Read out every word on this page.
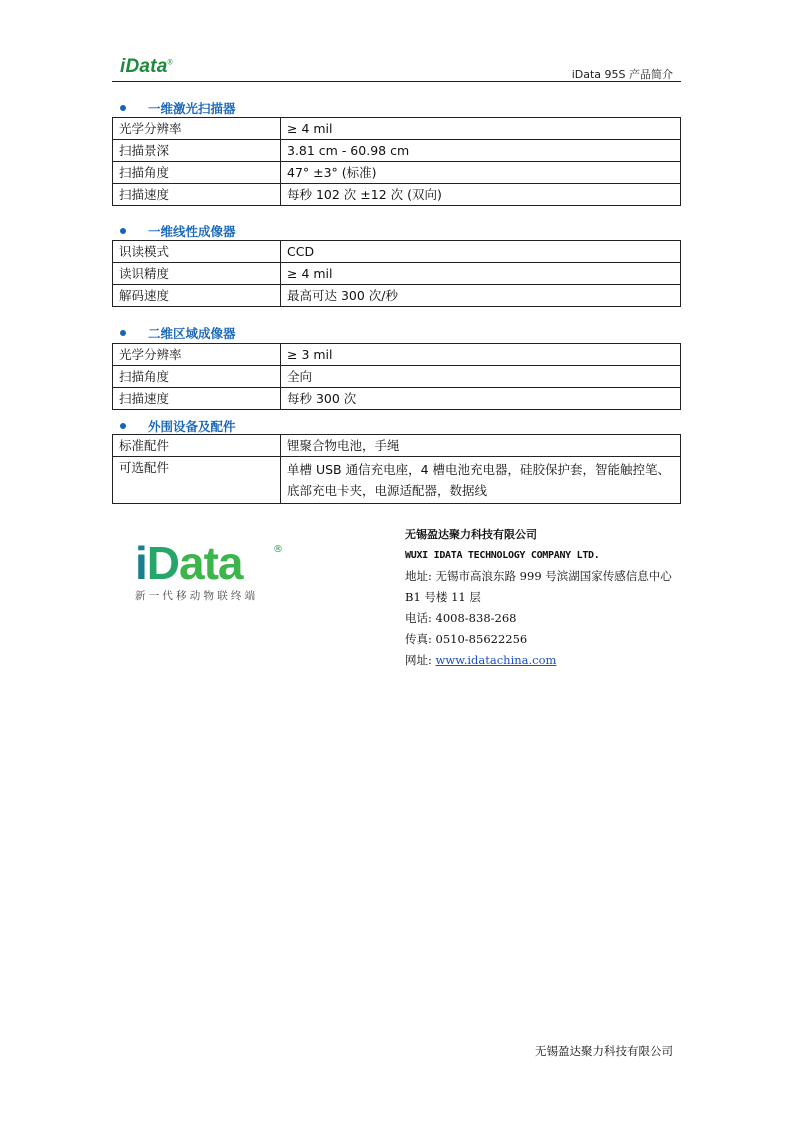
iData®
iData 95S 产品简介
一维激光扫描器
光学分辨率	≥ 4 mil
扫描景深	3.81 cm - 60.98 cm
扫描角度	47° ±3° (标准)
扫描速度	每秒 102 次 ±12 次 (双向)
一维线性成像器
识读模式	CCD
读识精度	≥ 4 mil
解码速度	最高可达 300 次/秒
二维区域成像器
光学分辨率	≥ 3 mil
扫描角度	全向
扫描速度	每秒 300 次
外围设备及配件
标准配件	锂聚合物电池，手绳
可选配件	单槽 USB 通信充电座，4 槽电池充电器，硅胶保护套，智能触控笔、底部充电卡夹，电源适配器，数据线
iData	®
新一代移动物联终端
无锡盈达聚力科技有限公司
WUXI IDATA TECHNOLOGY COMPANY LTD.
地址: 无锡市高浪东路 999 号滨湖国家传感信息中心
B1 号楼 11 层
电话: 4008-838-268
传真: 0510-85622256
网址: www.idatachina.com
无锡盈达聚力科技有限公司
